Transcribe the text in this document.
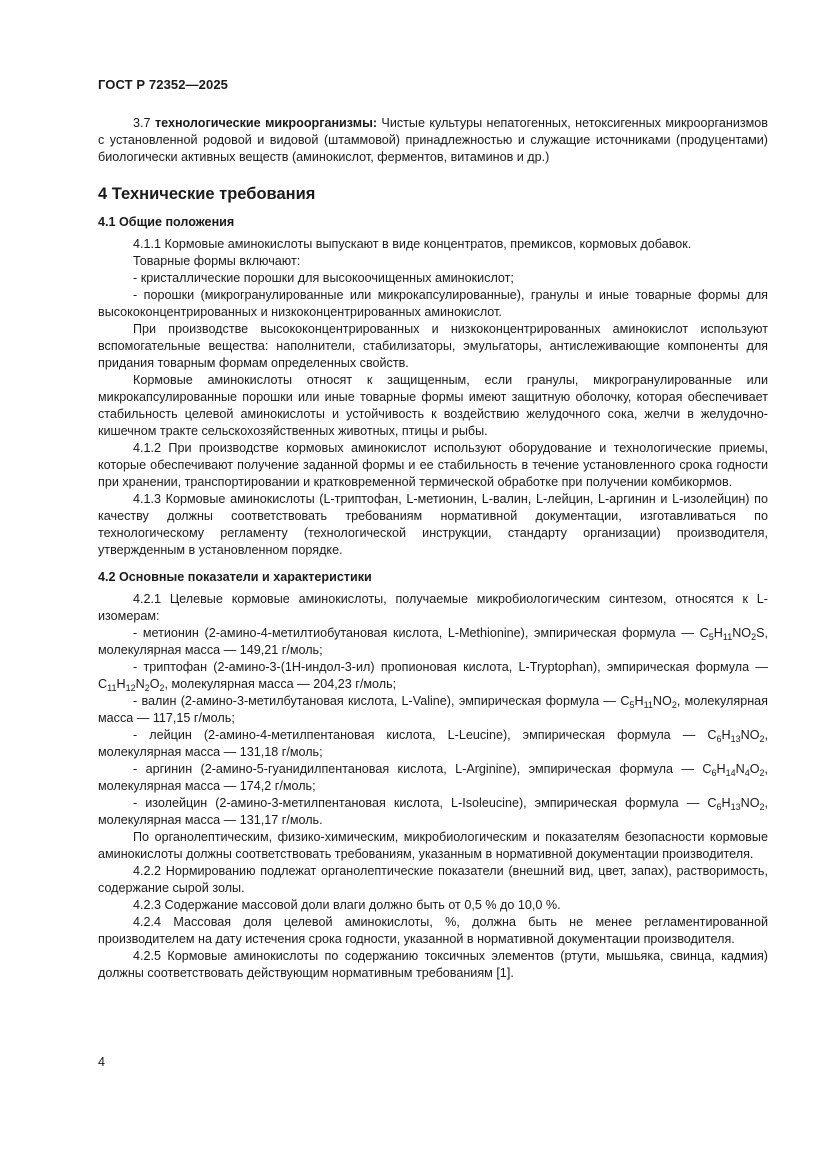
ГОСТ Р 72352—2025

3.7 технологические микроорганизмы: Чистые культуры непатогенных, нетоксигенных микроорганизмов с установленной родовой и видовой (штаммовой) принадлежностью и служащие источниками (продуцентами) биологически активных веществ (аминокислот, ферментов, витаминов и др.)

4 Технические требования
4.1 Общие положения

4.1.1 Кормовые аминокислоты выпускают в виде концентратов, премиксов, кормовых добавок.

Товарные формы включают:

- кристаллические порошки для высокоочищенных аминокислот;

- порошки (микрогранулированные или микрокапсулированные), гранулы и иные товарные формы для высококонцентрированных и низкоконцентрированных аминокислот.

При производстве высококонцентрированных и низкоконцентрированных аминокислот используют вспомогательные вещества: наполнители, стабилизаторы, эмульгаторы, антислеживающие компоненты для придания товарным формам определенных свойств.

Кормовые аминокислоты относят к защищенным, если гранулы, микрогранулированные или микрокапсулированные порошки или иные товарные формы имеют защитную оболочку, которая обеспечивает стабильность целевой аминокислоты и устойчивость к воздействию желудочного сока, желчи в желудочно-кишечном тракте сельскохозяйственных животных, птицы и рыбы.

4.1.2 При производстве кормовых аминокислот используют оборудование и технологические приемы, которые обеспечивают получение заданной формы и ее стабильность в течение установленного срока годности при хранении, транспортировании и кратковременной термической обработке при получении комбикормов.

4.1.3 Кормовые аминокислоты (L-триптофан, L-метионин, L-валин, L-лейцин, L-аргинин и L-изолейцин) по качеству должны соответствовать требованиям нормативной документации, изготавливаться по технологическому регламенту (технологической инструкции, стандарту организации) производителя, утвержденным в установленном порядке.

4.2 Основные показатели и характеристики

4.2.1 Целевые кормовые аминокислоты, получаемые микробиологическим синтезом, относятся к L-изомерам:

- метионин (2-амино-4-метилтиобутановая кислота, L-Methionine), эмпирическая формула — $C_5H_{11}NO_2S$, молекулярная масса — 149,21 г/моль;

- триптофан (2-амино-3-(1Н-индол-3-ил) пропионовая кислота, L-Tryptophan), эмпирическая формула — $C_{11}H_{12}N_2O_2$, молекулярная масса — 204,23 г/моль;

- валин (2-амино-3-метилбутановая кислота, L-Valine), эмпирическая формула — $C_5H_{11}NO_2$, молекулярная масса — 117,15 г/моль;

- лейцин (2-амино-4-метилпентановая кислота, L-Leucine), эмпирическая формула — $C_6H_{13}NO_2$, молекулярная масса — 131,18 г/моль;

- аргинин (2-амино-5-гуанидилпентановая кислота, L-Arginine), эмпирическая формула — $C_6H_{14}N_4O_2$, молекулярная масса — 174,2 г/моль;

- изолейцин (2-амино-3-метилпентановая кислота, L-Isoleucine), эмпирическая формула — $C_6H_{13}NO_2$, молекулярная масса — 131,17 г/моль.

По органолептическим, физико-химическим, микробиологическим и показателям безопасности кормовые аминокислоты должны соответствовать требованиям, указанным в нормативной документации производителя.

4.2.2 Нормированию подлежат органолептические показатели (внешний вид, цвет, запах), растворимость, содержание сырой золы.

4.2.3 Содержание массовой доли влаги должно быть от 0,5 % до 10,0 %.

4.2.4 Массовая доля целевой аминокислоты, %, должна быть не менее регламентированной производителем на дату истечения срока годности, указанной в нормативной документации производителя.

4.2.5 Кормовые аминокислоты по содержанию токсичных элементов (ртути, мышьяка, свинца, кадмия) должны соответствовать действующим нормативным требованиям [1].

4
